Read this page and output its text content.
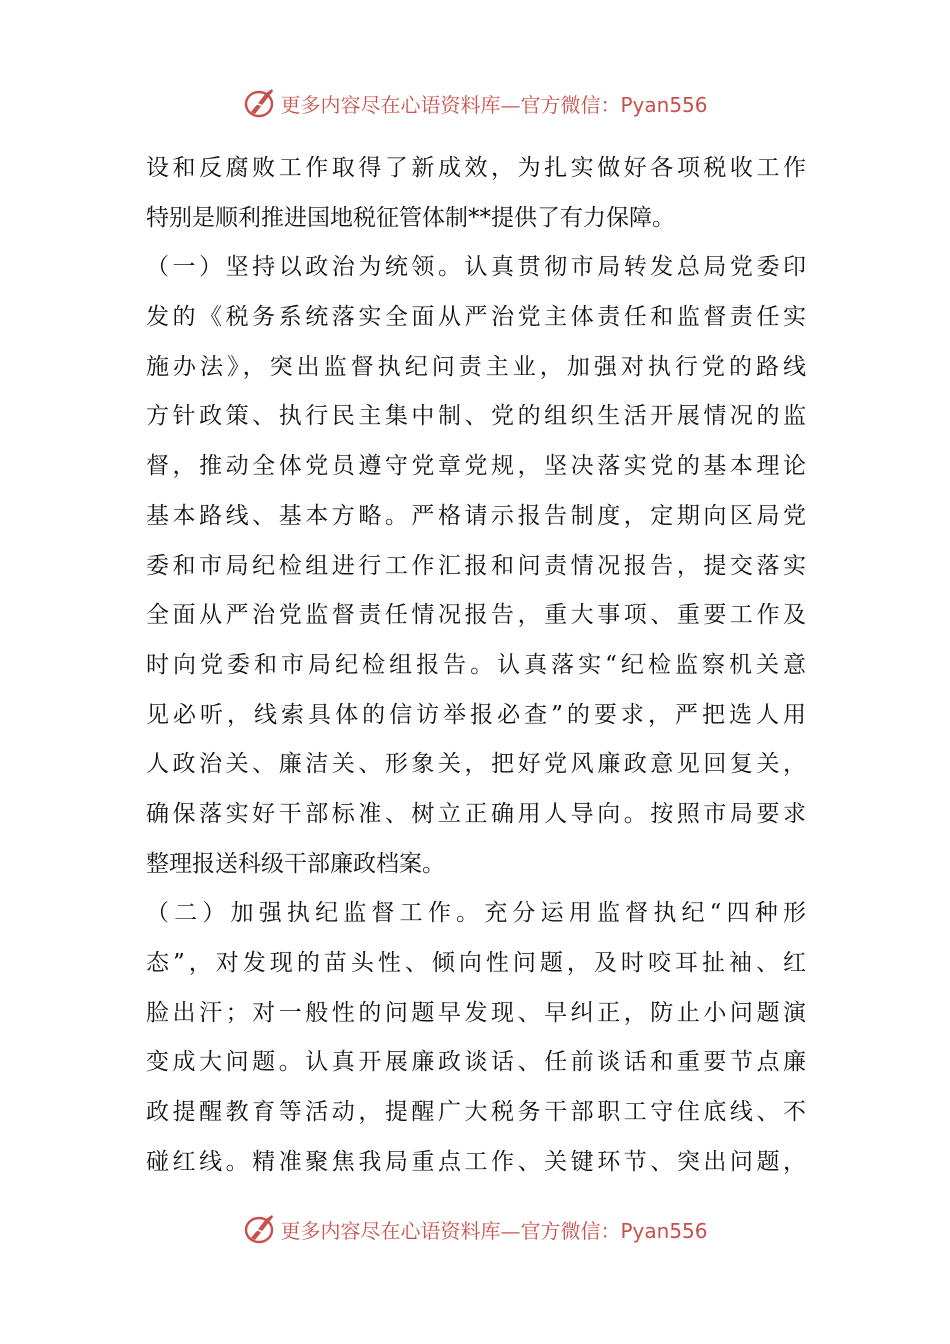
更多内容尽在心语资料库—官方微信：Pyan556
设和反腐败工作取得了新成效，为扎实做好各项税收工作
特别是顺利推进国地税征管体制**提供了有力保障。
（一）坚持以政治为统领。认真贯彻市局转发总局党委印
发的《税务系统落实全面从严治党主体责任和监督责任实
施办法》，突出监督执纪问责主业，加强对执行党的路线
方针政策、执行民主集中制、党的组织生活开展情况的监
督，推动全体党员遵守党章党规，坚决落实党的基本理论
基本路线、基本方略。严格请示报告制度，定期向区局党
委和市局纪检组进行工作汇报和问责情况报告，提交落实
全面从严治党监督责任情况报告，重大事项、重要工作及
时向党委和市局纪检组报告。认真落实“纪检监察机关意
见必听，线索具体的信访举报必查”的要求，严把选人用
人政治关、廉洁关、形象关，把好党风廉政意见回复关，
确保落实好干部标准、树立正确用人导向。按照市局要求
整理报送科级干部廉政档案。
（二）加强执纪监督工作。充分运用监督执纪“四种形
态”，对发现的苗头性、倾向性问题，及时咬耳扯袖、红
脸出汗；对一般性的问题早发现、早纠正，防止小问题演
变成大问题。认真开展廉政谈话、任前谈话和重要节点廉
政提醒教育等活动，提醒广大税务干部职工守住底线、不
碰红线。精准聚焦我局重点工作、关键环节、突出问题，
更多内容尽在心语资料库—官方微信：Pyan556
